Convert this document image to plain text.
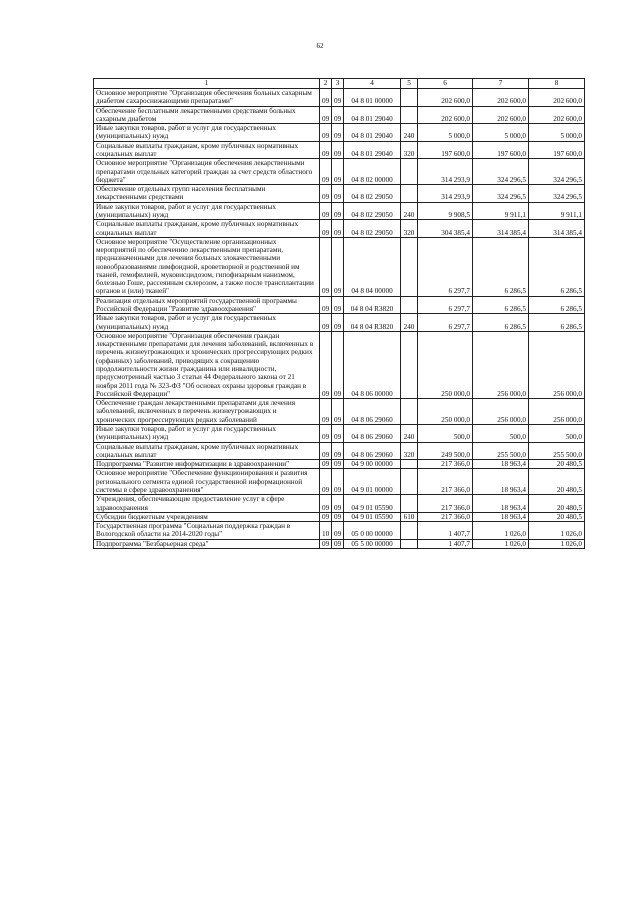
62
1	2	3	4	5	6	7	8
Основное мероприятие "Организация обеспечения больных сахарным диабетом сахароснижающими препаратами"	09	09	04 8 01 00000		202 600,0	202 600,0	202 600,0
Обеспечение бесплатными лекарственными средствами больных сахарным диабетом	09	09	04 8 01 29040		202 600,0	202 600,0	202 600,0
Иные закупки товаров, работ и услуг для государственных (муниципальных) нужд	09	09	04 8 01 29040	240	5 000,0	5 000,0	5 000,0
Социальные выплаты гражданам, кроме публичных нормативных социальных выплат	09	09	04 8 01 29040	320	197 600,0	197 600,0	197 600,0
Основное мероприятие "Организация обеспечения лекарственными препаратами отдельных категорий граждан за счет средств областного бюджета"	09	09	04 8 02 00000		314 293,9	324 296,5	324 296,5
Обеспечение отдельных групп населения бесплатными лекарственными средствами	09	09	04 8 02 29050		314 293,9	324 296,5	324 296,5
Иные закупки товаров, работ и услуг для государственных (муниципальных) нужд	09	09	04 8 02 29050	240	9 908,5	9 911,1	9 911,1
Социальные выплаты гражданам, кроме публичных нормативных социальных выплат	09	09	04 8 02 29050	320	304 385,4	314 385,4	314 385,4
Основное мероприятие "Осуществление организационных мероприятий по обеспечению лекарственными препаратами, предназначенными для лечения больных злокачественными новообразованиями лимфоидной, кроветворной и родственной им тканей, гемофилией, муковисцидозом, гипофизарным нанизмом, болезнью Гоше, рассеянным склерозом, а также после трансплантации органов и (или) тканей"	09	09	04 8 04 00000		6 297,7	6 286,5	6 286,5
Реализация отдельных мероприятий государственной программы Российской Федерации "Развитие здравоохранения"	09	09	04 8 04 R3820		6 297,7	6 286,5	6 286,5
Иные закупки товаров, работ и услуг для государственных (муниципальных) нужд	09	09	04 8 04 R3820	240	6 297,7	6 286,5	6 286,5
Основное мероприятие "Организация обеспечения граждан лекарственными препаратами для лечения заболеваний, включенных в перечень жизнеугрожающих и хронических прогрессирующих редких (орфанных) заболеваний, приводящих к сокращению продолжительности жизни гражданина или инвалидности, предусмотренный частью 3 статьи 44 Федерального закона от 21 ноября 2011 года № 323-ФЗ "Об основах охраны здоровья граждан в Российской Федерации"	09	09	04 8 06 00000		250 000,0	256 000,0	256 000,0
Обеспечение граждан лекарственными препаратами для лечения заболеваний, включенных в перечень жизнеугрожающих и хронических прогрессирующих редких заболеваний	09	09	04 8 06 29060		250 000,0	256 000,0	256 000,0
Иные закупки товаров, работ и услуг для государственных (муниципальных) нужд	09	09	04 8 06 29060	240	500,0	500,0	500,0
Социальные выплаты гражданам, кроме публичных нормативных социальных выплат	09	09	04 8 06 29060	320	249 500,0	255 500,0	255 500,0
Подпрограмма "Развитие информатизации в здравоохранении"	09	09	04 9 00 00000		217 366,0	18 963,4	20 480,5
Основное мероприятие "Обеспечение функционирования и развития регионального сегмента единой государственной информационной системы в сфере здравоохранения"	09	09	04 9 01 00000		217 366,0	18 963,4	20 480,5
Учреждения, обеспечивающие предоставление услуг в сфере здравоохранения	09	09	04 9 01 05590		217 366,0	18 963,4	20 480,5
Субсидии бюджетным учреждениям	09	09	04 9 01 05590	610	217 366,0	18 963,4	20 480,5
Государственная программа "Социальная поддержка граждан в Вологодской области на 2014-2020 годы"	10	09	05 0 00 00000		1 407,7	1 026,0	1 026,0
Подпрограмма "Безбарьерная среда"	09	09	05 5 00 00000		1 407,7	1 026,0	1 026,0
